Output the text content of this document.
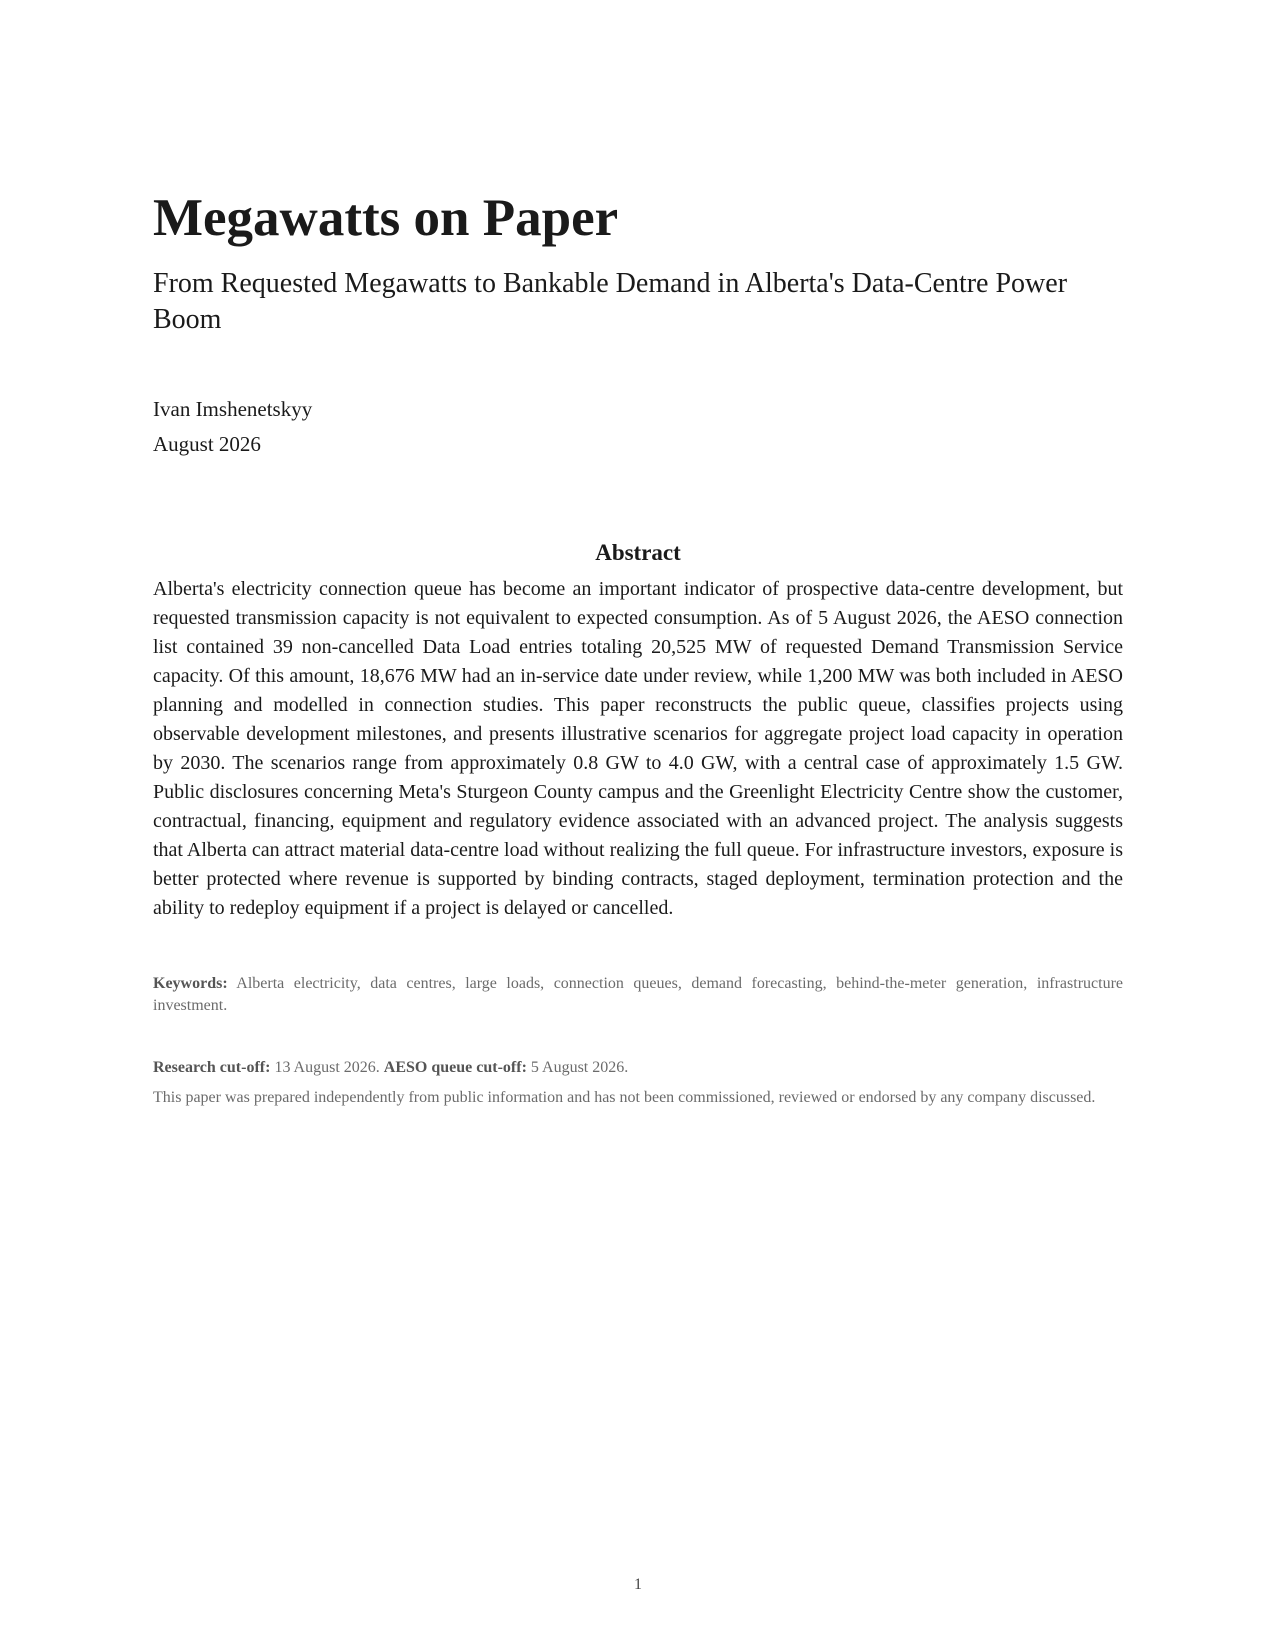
Megawatts on Paper
From Requested Megawatts to Bankable Demand in Alberta's Data-Centre Power Boom
Ivan Imshenetskyy
August 2026
Abstract

Alberta's electricity connection queue has become an important indicator of prospective data-centre development, but requested transmission capacity is not equivalent to expected consumption. As of 5 August 2026, the AESO connection list contained 39 non-cancelled Data Load entries totaling 20,525 MW of requested Demand Transmission Service capacity. Of this amount, 18,676 MW had an in-service date under review, while 1,200 MW was both included in AESO planning and modelled in connection studies. This paper reconstructs the public queue, classifies projects using observable development milestones, and presents illustrative scenarios for aggregate project load capacity in operation by 2030. The scenarios range from approximately 0.8 GW to 4.0 GW, with a central case of approximately 1.5 GW. Public disclosures concerning Meta's Sturgeon County campus and the Greenlight Electricity Centre show the customer, contractual, financing, equipment and regulatory evidence associated with an advanced project. The analysis suggests that Alberta can attract material data-centre load without realizing the full queue. For infrastructure investors, exposure is better protected where revenue is supported by binding contracts, staged deployment, termination protection and the ability to redeploy equipment if a project is delayed or cancelled.

Keywords: Alberta electricity, data centres, large loads, connection queues, demand forecasting, behind-the-meter generation, infrastructure investment.

Research cut-off: 13 August 2026. AESO queue cut-off: 5 August 2026.

This paper was prepared independently from public information and has not been commissioned, reviewed or endorsed by any company discussed.

1
